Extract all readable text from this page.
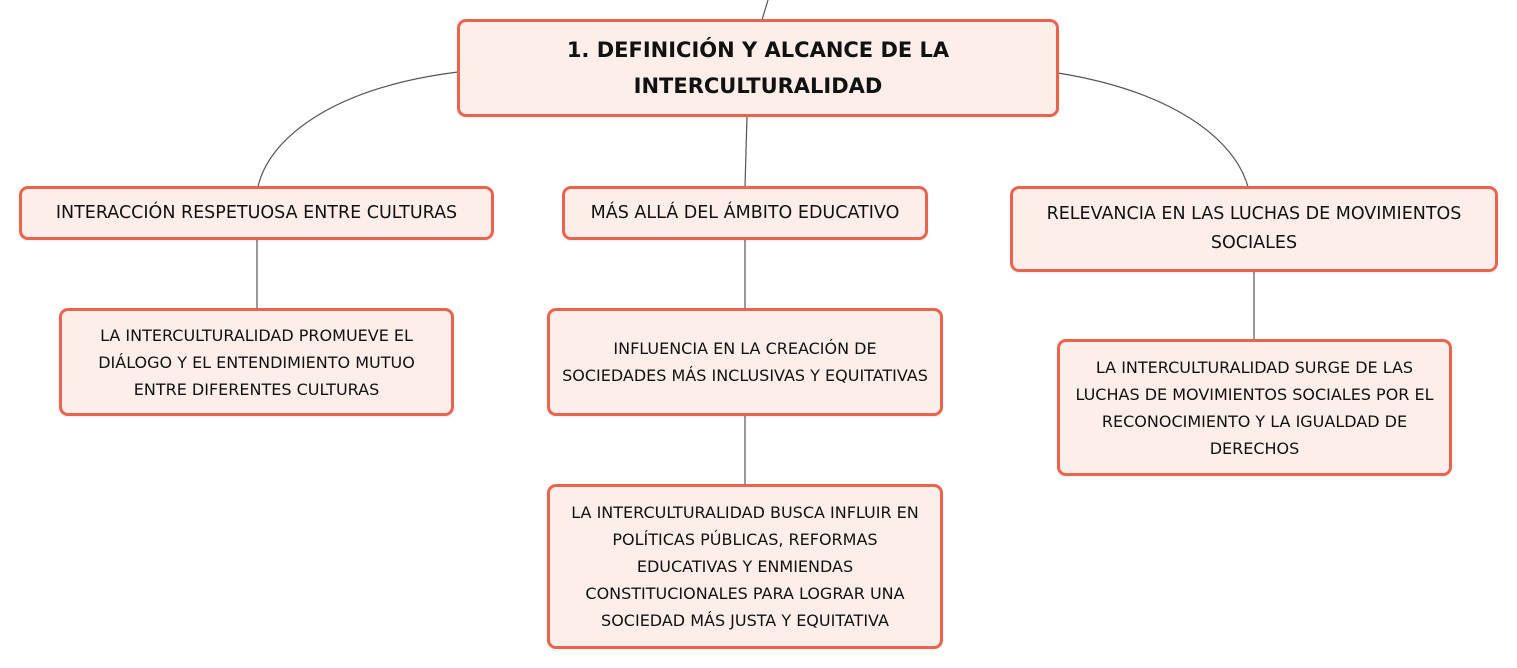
1. DEFINICIÓN Y ALCANCE DE LA
INTERCULTURALIDAD
INTERACCIÓN RESPETUOSA ENTRE CULTURAS	MÁS ALLÁ DEL ÁMBITO EDUCATIVO	RELEVANCIA EN LAS LUCHAS DE MOVIMIENTOS
SOCIALES
LA INTERCULTURALIDAD PROMUEVE EL
DIÁLOGO Y EL ENTENDIMIENTO MUTUO
ENTRE DIFERENTES CULTURAS
INFLUENCIA EN LA CREACIÓN DE
SOCIEDADES MÁS INCLUSIVAS Y EQUITATIVAS
LA INTERCULTURALIDAD BUSCA INFLUIR EN
POLÍTICAS PÚBLICAS, REFORMAS
EDUCATIVAS Y ENMIENDAS
CONSTITUCIONALES PARA LOGRAR UNA
SOCIEDAD MÁS JUSTA Y EQUITATIVA
LA INTERCULTURALIDAD SURGE DE LAS
LUCHAS DE MOVIMIENTOS SOCIALES POR EL
RECONOCIMIENTO Y LA IGUALDAD DE
DERECHOS
